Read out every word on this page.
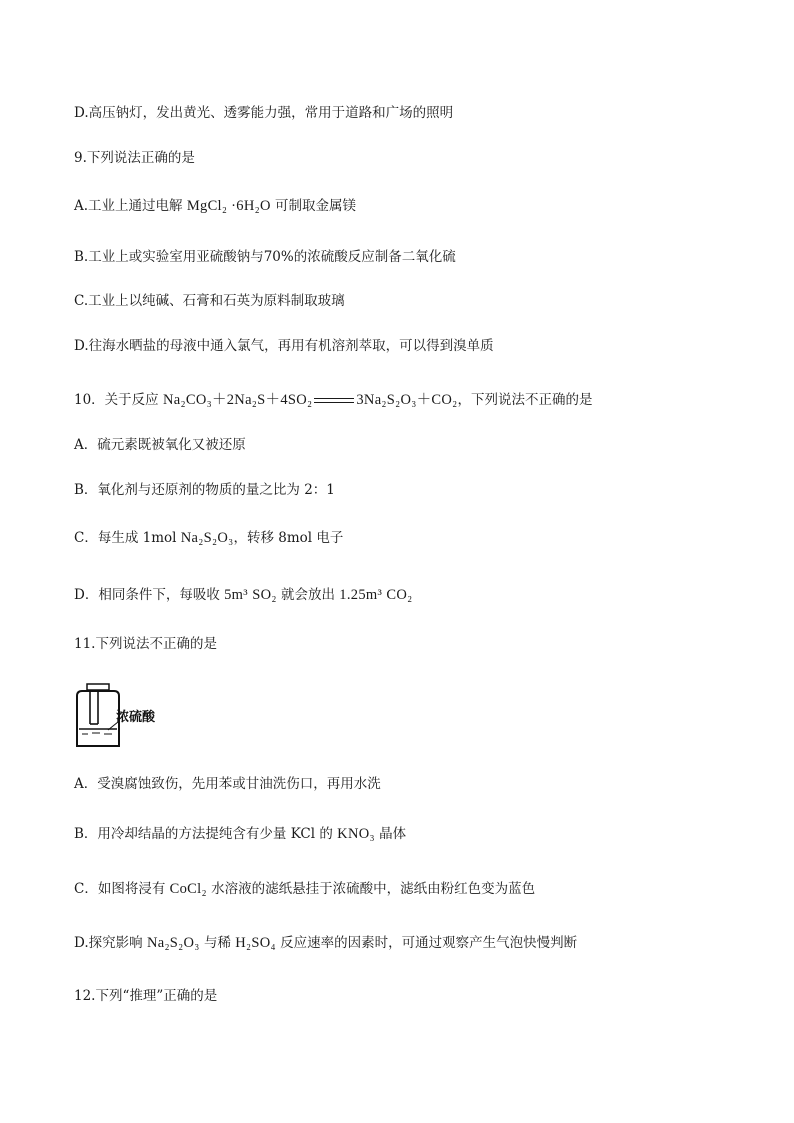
D.高压钠灯，发出黄光、透雾能力强，常用于道路和广场的照明
9.下列说法正确的是
A.工业上通过电解 MgCl₂ ·6H₂O 可制取金属镁
B.工业上或实验室用亚硫酸钠与70%的浓硫酸反应制备二氧化硫
C.工业上以纯碱、石膏和石英为原料制取玻璃
D.往海水晒盐的母液中通入氯气，再用有机溶剂萃取，可以得到溴单质
10．关于反应 Na₂CO₃＋2Na₂S＋4SO₂	3Na₂S₂O₃＋CO₂，下列说法不正确的是
A．硫元素既被氧化又被还原
B．氧化剂与还原剂的物质的量之比为 2：1
C．每生成 1mol Na₂S₂O₃，转移 8mol 电子
D．相同条件下，每吸收 5m³ SO₂ 就会放出 1.25m³ CO₂
11.下列说法不正确的是
浓硫酸
A．受溴腐蚀致伤，先用苯或甘油洗伤口，再用水洗
B．用冷却结晶的方法提纯含有少量 KCl 的 KNO₃ 晶体
C．如图将浸有 CoCl₂ 水溶液的滤纸悬挂于浓硫酸中，滤纸由粉红色变为蓝色
D.探究影响 Na₂S₂O₃ 与稀 H₂SO₄ 反应速率的因素时，可通过观察产生气泡快慢判断
12.下列“推理”正确的是
